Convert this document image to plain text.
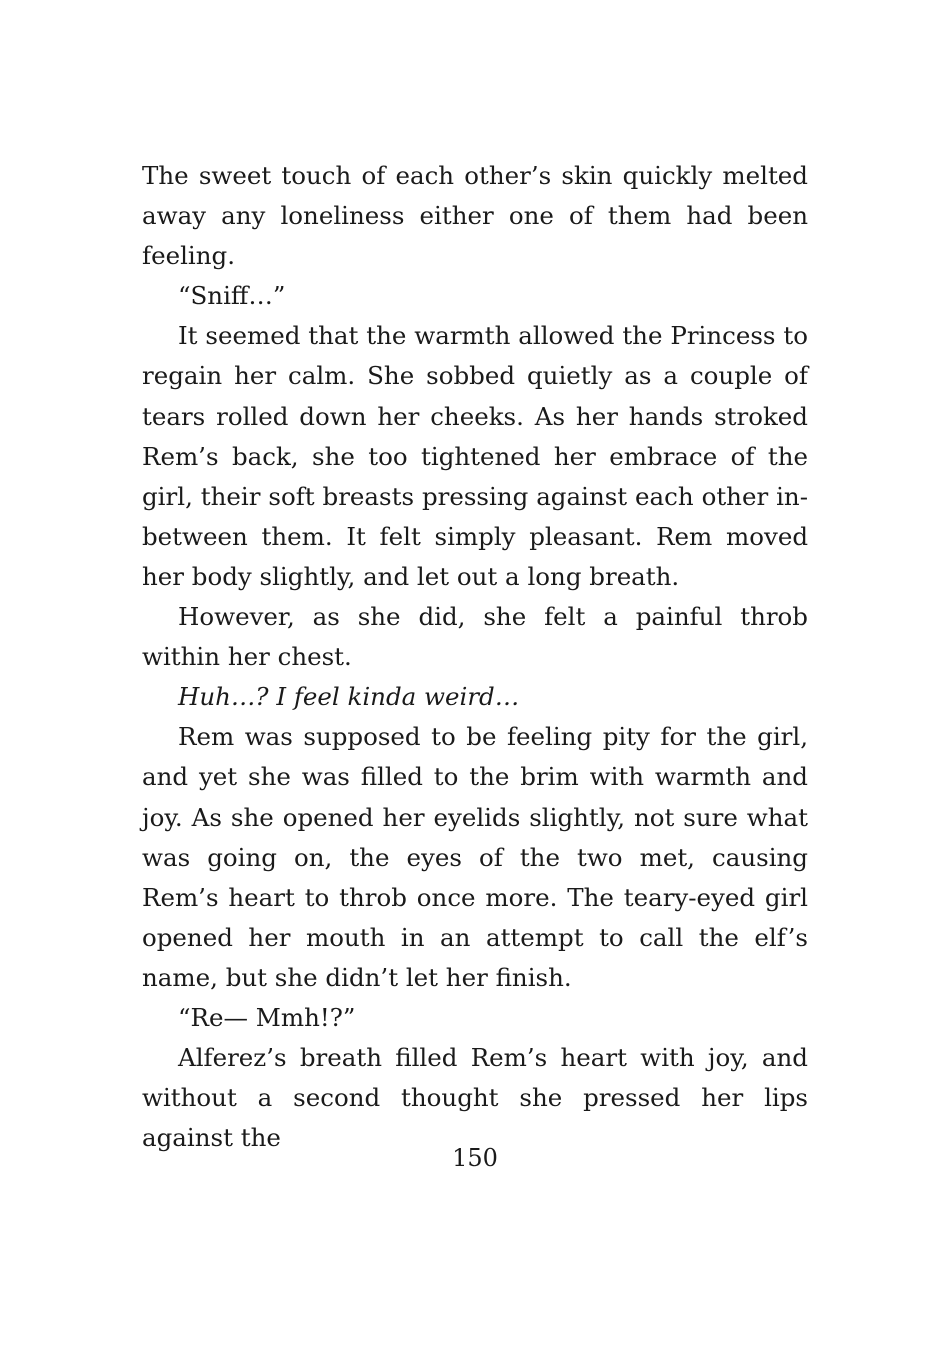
The sweet touch of each other’s skin quickly melted away any loneliness either one of them had been feeling.

“Sniff…”

It seemed that the warmth allowed the Princess to regain her calm. She sobbed quietly as a couple of tears rolled down her cheeks. As her hands stroked Rem’s back, she too tightened her embrace of the girl, their soft breasts pressing against each other in-between them. It felt simply pleasant. Rem moved her body slightly, and let out a long breath.

However, as she did, she felt a painful throb within her chest.

Huh…? I feel kinda weird…

Rem was supposed to be feeling pity for the girl, and yet she was filled to the brim with warmth and joy. As she opened her eyelids slightly, not sure what was going on, the eyes of the two met, causing Rem’s heart to throb once more. The teary-eyed girl opened her mouth in an attempt to call the elf’s name, but she didn’t let her finish.

“Re— Mmh!?”

Alferez’s breath filled Rem’s heart with joy, and without a second thought she pressed her lips against the

150
